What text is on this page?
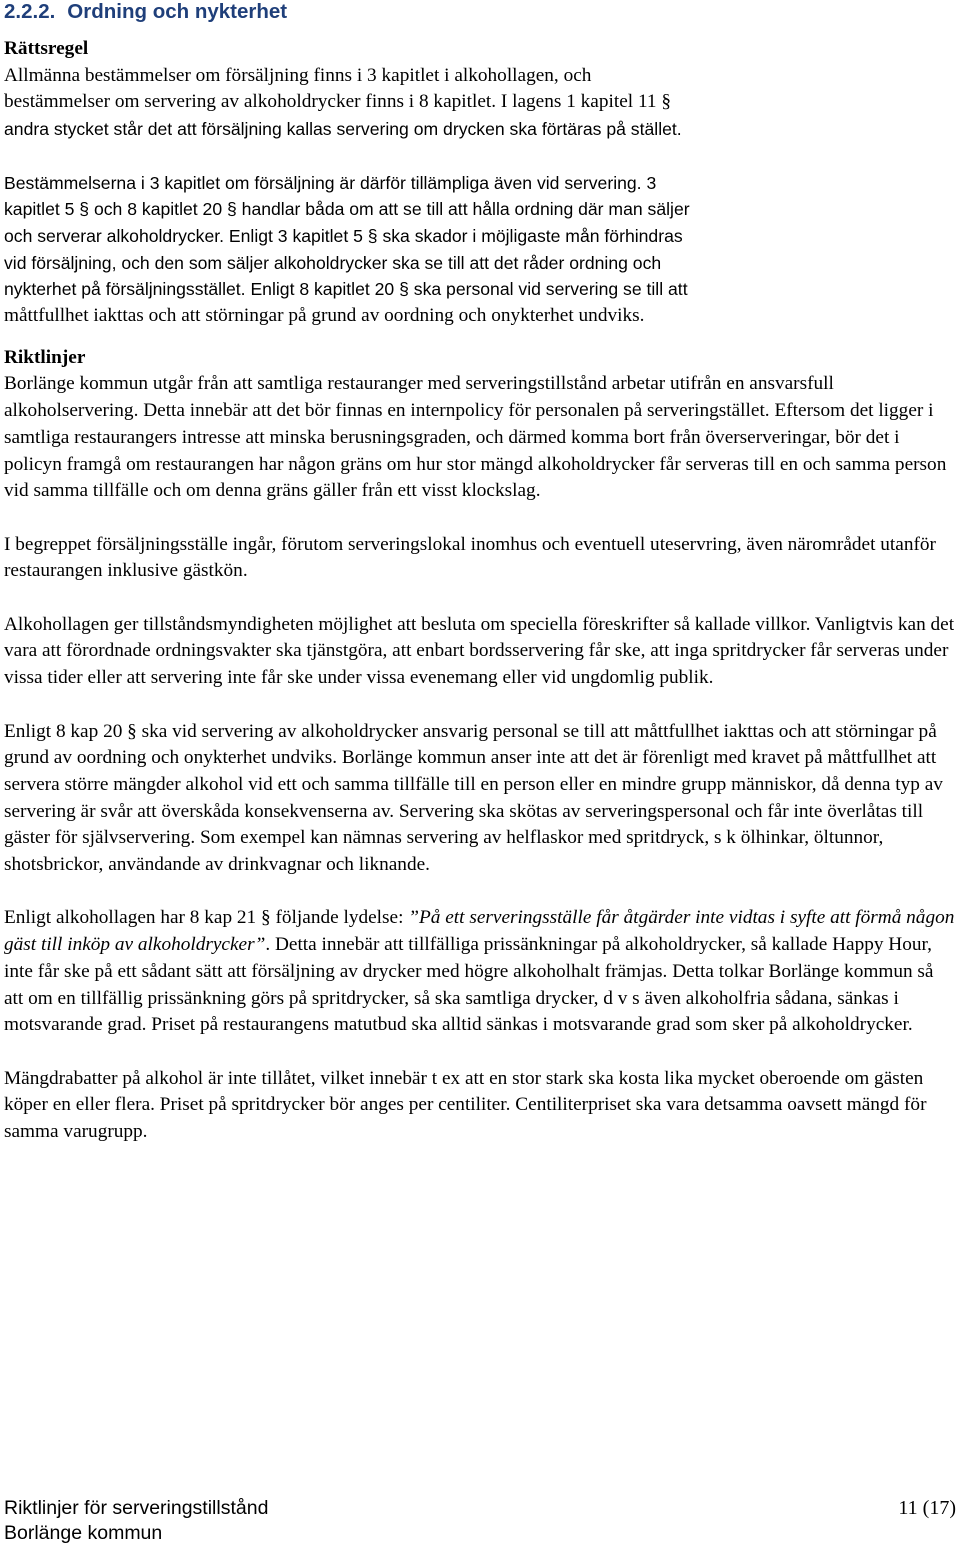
2.2.2. Ordning och nykterhet
Rättsregel

Allmänna bestämmelser om försäljning finns i 3 kapitlet i alkohollagen, och
bestämmelser om servering av alkoholdrycker finns i 8 kapitlet. I lagens 1 kapitel 11 §
andra stycket står det att försäljning kallas servering om drycken ska förtäras på stället.

Bestämmelserna i 3 kapitlet om försäljning är därför tillämpliga även vid servering. 3
kapitlet 5 § och 8 kapitlet 20 § handlar båda om att se till att hålla ordning där man säljer
och serverar alkoholdrycker. Enligt 3 kapitlet 5 § ska skador i möjligaste mån förhindras
vid försäljning, och den som säljer alkoholdrycker ska se till att det råder ordning och
nykterhet på försäljningsstället. Enligt 8 kapitlet 20 § ska personal vid servering se till att
måttfullhet iakttas och att störningar på grund av oordning och onykterhet undviks.

Riktlinjer

Borlänge kommun utgår från att samtliga restauranger med serveringstillstånd arbetar utifrån en ansvarsfull alkoholservering. Detta innebär att det bör finnas en internpolicy för personalen på serveringstället. Eftersom det ligger i samtliga restaurangers intresse att minska berusningsgraden, och därmed komma bort från överserveringar, bör det i policyn framgå om restaurangen har någon gräns om hur stor mängd alkoholdrycker får serveras till en och samma person vid samma tillfälle och om denna gräns gäller från ett visst klockslag.

I begreppet försäljningsställe ingår, förutom serveringslokal inomhus och eventuell uteservring, även närområdet utanför restaurangen inklusive gästkön.

Alkohollagen ger tillståndsmyndigheten möjlighet att besluta om speciella föreskrifter så kallade villkor. Vanligtvis kan det vara att förordnade ordningsvakter ska tjänstgöra, att enbart bordsservering får ske, att inga spritdrycker får serveras under vissa tider eller att servering inte får ske under vissa evenemang eller vid ungdomlig publik.

Enligt 8 kap 20 § ska vid servering av alkoholdrycker ansvarig personal se till att måttfullhet iakttas och att störningar på grund av oordning och onykterhet undviks. Borlänge kommun anser inte att det är förenligt med kravet på måttfullhet att servera större mängder alkohol vid ett och samma tillfälle till en person eller en mindre grupp människor, då denna typ av servering är svår att överskåda konsekvenserna av. Servering ska skötas av serveringspersonal och får inte överlåtas till gäster för självservering. Som exempel kan nämnas servering av helflaskor med spritdryck, s k ölhinkar, öltunnor, shotsbrickor, användande av drinkvagnar och liknande.

Enligt alkohollagen har 8 kap 21 § följande lydelse: ”På ett serveringsställe får åtgärder inte vidtas i syfte att förmå någon gäst till inköp av alkoholdrycker”. Detta innebär att tillfälliga prissänkningar på alkoholdrycker, så kallade Happy Hour, inte får ske på ett sådant sätt att försäljning av drycker med högre alkoholhalt främjas. Detta tolkar Borlänge kommun så att om en tillfällig prissänkning görs på spritdrycker, så ska samtliga drycker, d v s även alkoholfria sådana, sänkas i motsvarande grad. Priset på restaurangens matutbud ska alltid sänkas i motsvarande grad som sker på alkoholdrycker.

Mängdrabatter på alkohol är inte tillåtet, vilket innebär t ex att en stor stark ska kosta lika mycket oberoende om gästen köper en eller flera. Priset på spritdrycker bör anges per centiliter. Centiliterpriset ska vara detsamma oavsett mängd för samma varugrupp.

Riktlinjer för serveringstillstånd
Borlänge kommun
11 (17)
